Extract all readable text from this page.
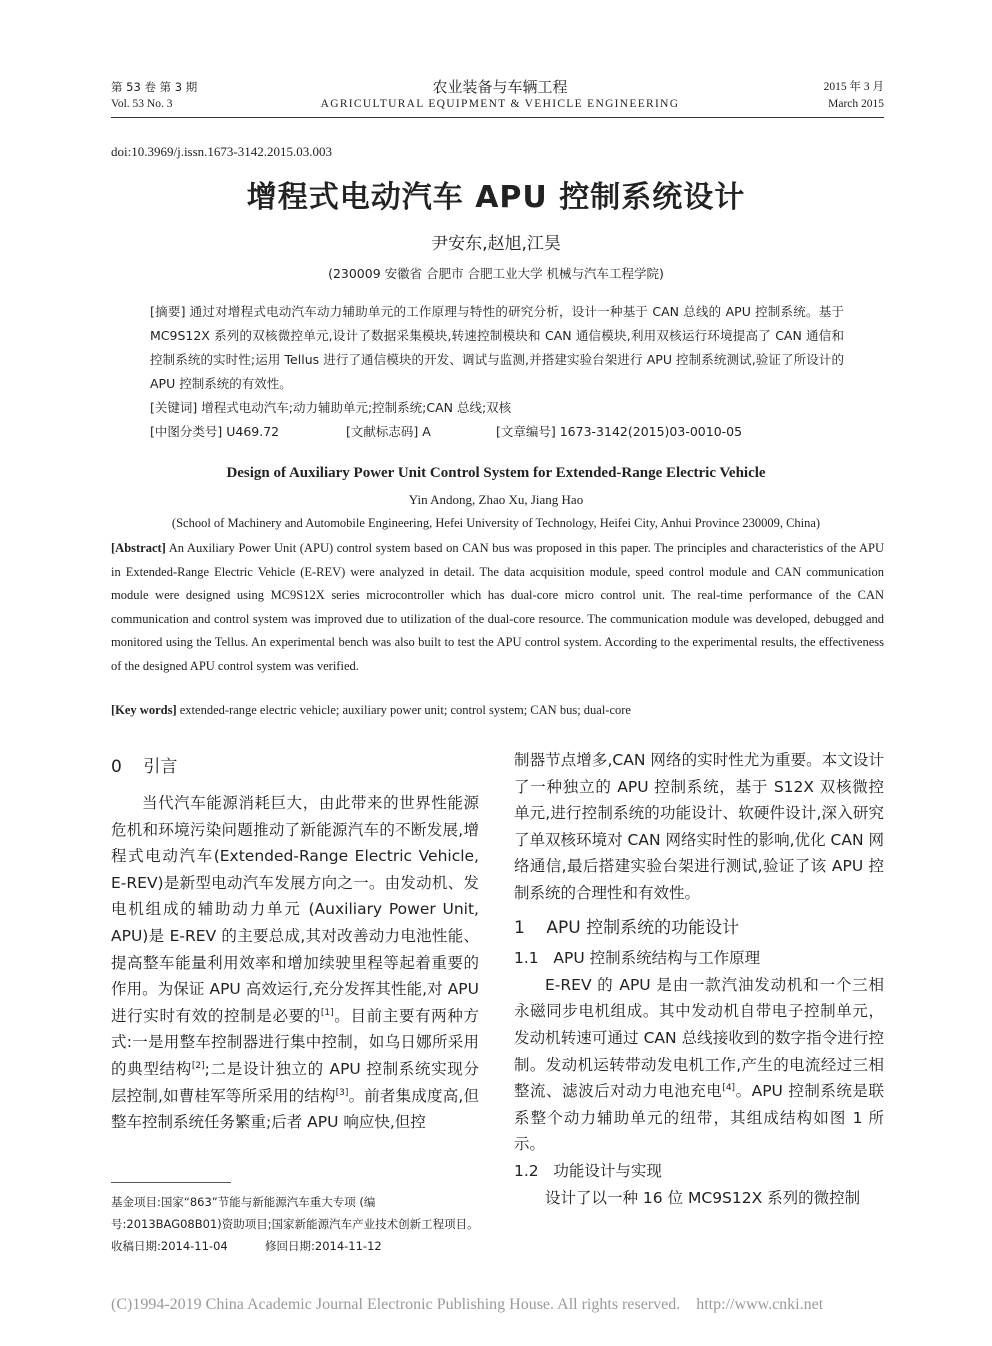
第 53 卷 第 3 期
Vol. 53 No. 3
农业装备与车辆工程
AGRICULTURAL EQUIPMENT & VEHICLE ENGINEERING
2015 年 3 月
March 2015
doi:10.3969/j.issn.1673-3142.2015.03.003
增程式电动汽车 APU 控制系统设计
尹安东,赵旭,江昊
(230009 安徽省 合肥市 合肥工业大学 机械与汽车工程学院)

[摘要] 通过对增程式电动汽车动力辅助单元的工作原理与特性的研究分析，设计一种基于 CAN 总线的 APU 控制系统。基于 MC9S12X 系列的双核微控单元,设计了数据采集模块,转速控制模块和 CAN 通信模块,利用双核运行环境提高了 CAN 通信和控制系统的实时性;运用 Tellus 进行了通信模块的开发、调试与监测,并搭建实验台架进行 APU 控制系统测试,验证了所设计的 APU 控制系统的有效性。

[关键词] 增程式电动汽车;动力辅助单元;控制系统;CAN 总线;双核
[中图分类号] U469.72	[文献标志码] A	[文章编号] 1673-3142(2015)03-0010-05
Design of Auxiliary Power Unit Control System for Extended-Range Electric Vehicle
Yin Andong, Zhao Xu, Jiang Hao
(School of Machinery and Automobile Engineering, Hefei University of Technology, Heifei City, Anhui Province 230009, China)

[Abstract] An Auxiliary Power Unit (APU) control system based on CAN bus was proposed in this paper. The principles and characteristics of the APU in Extended-Range Electric Vehicle (E-REV) were analyzed in detail. The data acquisition module, speed control module and CAN communication module were designed using MC9S12X series microcontroller which has dual-core micro control unit. The real-time performance of the CAN communication and control system was improved due to utilization of the dual-core resource. The communication module was developed, debugged and monitored using the Tellus. An experimental bench was also built to test the APU control system. According to the experimental results, the effectiveness of the designed APU control system was verified.

[Key words] extended-range electric vehicle; auxiliary power unit; control system; CAN bus; dual-core
0    引言

当代汽车能源消耗巨大，由此带来的世界性能源危机和环境污染问题推动了新能源汽车的不断发展,增程式电动汽车(Extended-Range Electric Vehicle, E-REV)是新型电动汽车发展方向之一。由发动机、发电机组成的辅助动力单元 (Auxiliary Power Unit, APU)是 E-REV 的主要总成,其对改善动力电池性能、提高整车能量利用效率和增加续驶里程等起着重要的作用。为保证 APU 高效运行,充分发挥其性能,对 APU 进行实时有效的控制是必要的[1]。目前主要有两种方式:一是用整车控制器进行集中控制，如乌日娜所采用的典型结构[2];二是设计独立的 APU 控制系统实现分层控制,如曹桂军等所采用的结构[3]。前者集成度高,但整车控制系统任务繁重;后者 APU 响应快,但控

基金项目:国家“863”节能与新能源汽车重大专项 (编号:2013BAG08B01)资助项目;国家新能源汽车产业技术创新工程项目。
收稿日期:2014-11-04	修回日期:2014-11-12

制器节点增多,CAN 网络的实时性尤为重要。本文设计了一种独立的 APU 控制系统，基于 S12X 双核微控单元,进行控制系统的功能设计、软硬件设计,深入研究了单双核环境对 CAN 网络实时性的影响,优化 CAN 网络通信,最后搭建实验台架进行测试,验证了该 APU 控制系统的合理性和有效性。

1    APU 控制系统的功能设计

1.1   APU 控制系统结构与工作原理

E-REV 的 APU 是由一款汽油发动机和一个三相永磁同步电机组成。其中发动机自带电子控制单元，发动机转速可通过 CAN 总线接收到的数字指令进行控制。发动机运转带动发电机工作,产生的电流经过三相整流、滤波后对动力电池充电[4]。APU 控制系统是联系整个动力辅助单元的纽带，其组成结构如图 1 所示。

1.2   功能设计与实现

设计了以一种 16 位 MC9S12X 系列的微控制

(C)1994-2019 China Academic Journal Electronic Publishing House. All rights reserved.    http://www.cnki.net
